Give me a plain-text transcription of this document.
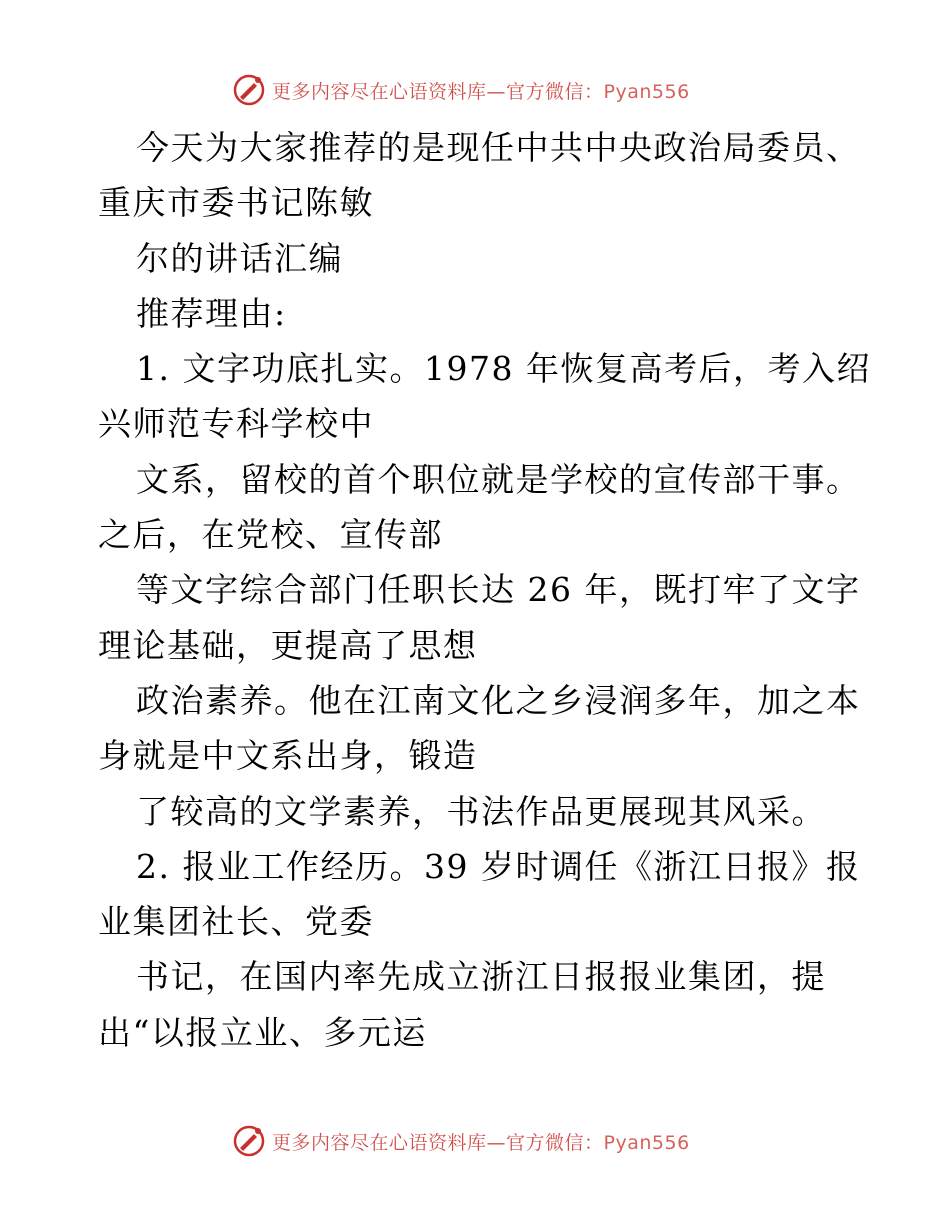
更多内容尽在心语资料库—官方微信：Pyan556
今天为大家推荐的是现任中共中央政治局委员、
重庆市委书记陈敏
尔的讲话汇编
推荐理由:
1. 文字功底扎实。1978 年恢复高考后，考入绍
兴师范专科学校中
文系，留校的首个职位就是学校的宣传部干事。
之后，在党校、宣传部
等文字综合部门任职长达 26 年，既打牢了文字
理论基础，更提高了思想
政治素养。他在江南文化之乡浸润多年，加之本
身就是中文系出身，锻造
了较高的文学素养，书法作品更展现其风采。
2. 报业工作经历。39 岁时调任《浙江日报》报
业集团社长、党委
书记，在国内率先成立浙江日报报业集团，提
出“以报立业、多元运
更多内容尽在心语资料库—官方微信：Pyan556
